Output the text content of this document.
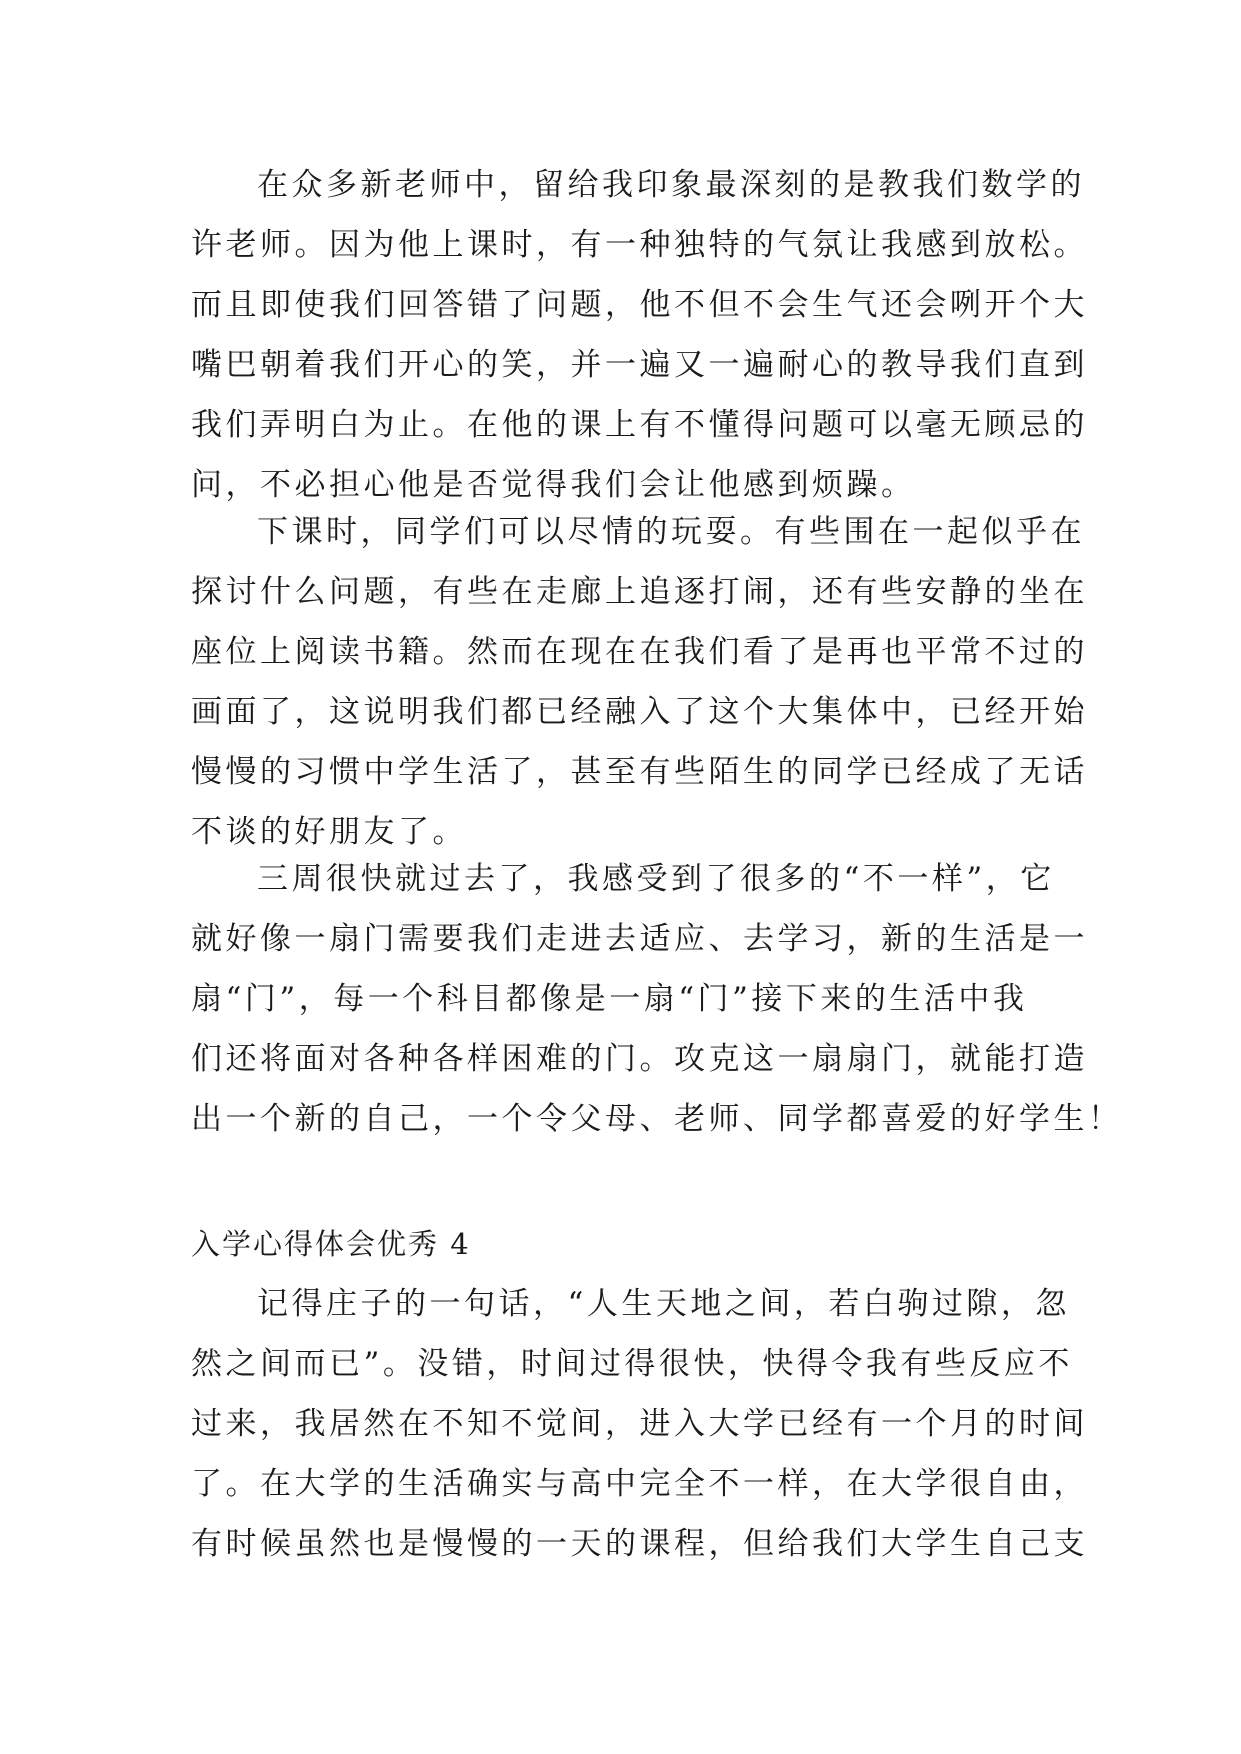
在众多新老师中，留给我印象最深刻的是教我们数学的
许老师。因为他上课时，有一种独特的气氛让我感到放松。
而且即使我们回答错了问题，他不但不会生气还会咧开个大
嘴巴朝着我们开心的笑，并一遍又一遍耐心的教导我们直到
我们弄明白为止。在他的课上有不懂得问题可以毫无顾忌的
问，不必担心他是否觉得我们会让他感到烦躁。
下课时，同学们可以尽情的玩耍。有些围在一起似乎在
探讨什么问题，有些在走廊上追逐打闹，还有些安静的坐在
座位上阅读书籍。然而在现在在我们看了是再也平常不过的
画面了，这说明我们都已经融入了这个大集体中，已经开始
慢慢的习惯中学生活了，甚至有些陌生的同学已经成了无话
不谈的好朋友了。
三周很快就过去了，我感受到了很多的“不一样”，它
就好像一扇门需要我们走进去适应、去学习，新的生活是一
扇“门”，每一个科目都像是一扇“门”接下来的生活中我
们还将面对各种各样困难的门。攻克这一扇扇门，就能打造
出一个新的自己，一个令父母、老师、同学都喜爱的好学生！
入学心得体会优秀 4
记得庄子的一句话，“人生天地之间，若白驹过隙，忽
然之间而已”。没错，时间过得很快，快得令我有些反应不
过来，我居然在不知不觉间，进入大学已经有一个月的时间
了。在大学的生活确实与高中完全不一样，在大学很自由，
有时候虽然也是慢慢的一天的课程，但给我们大学生自己支
